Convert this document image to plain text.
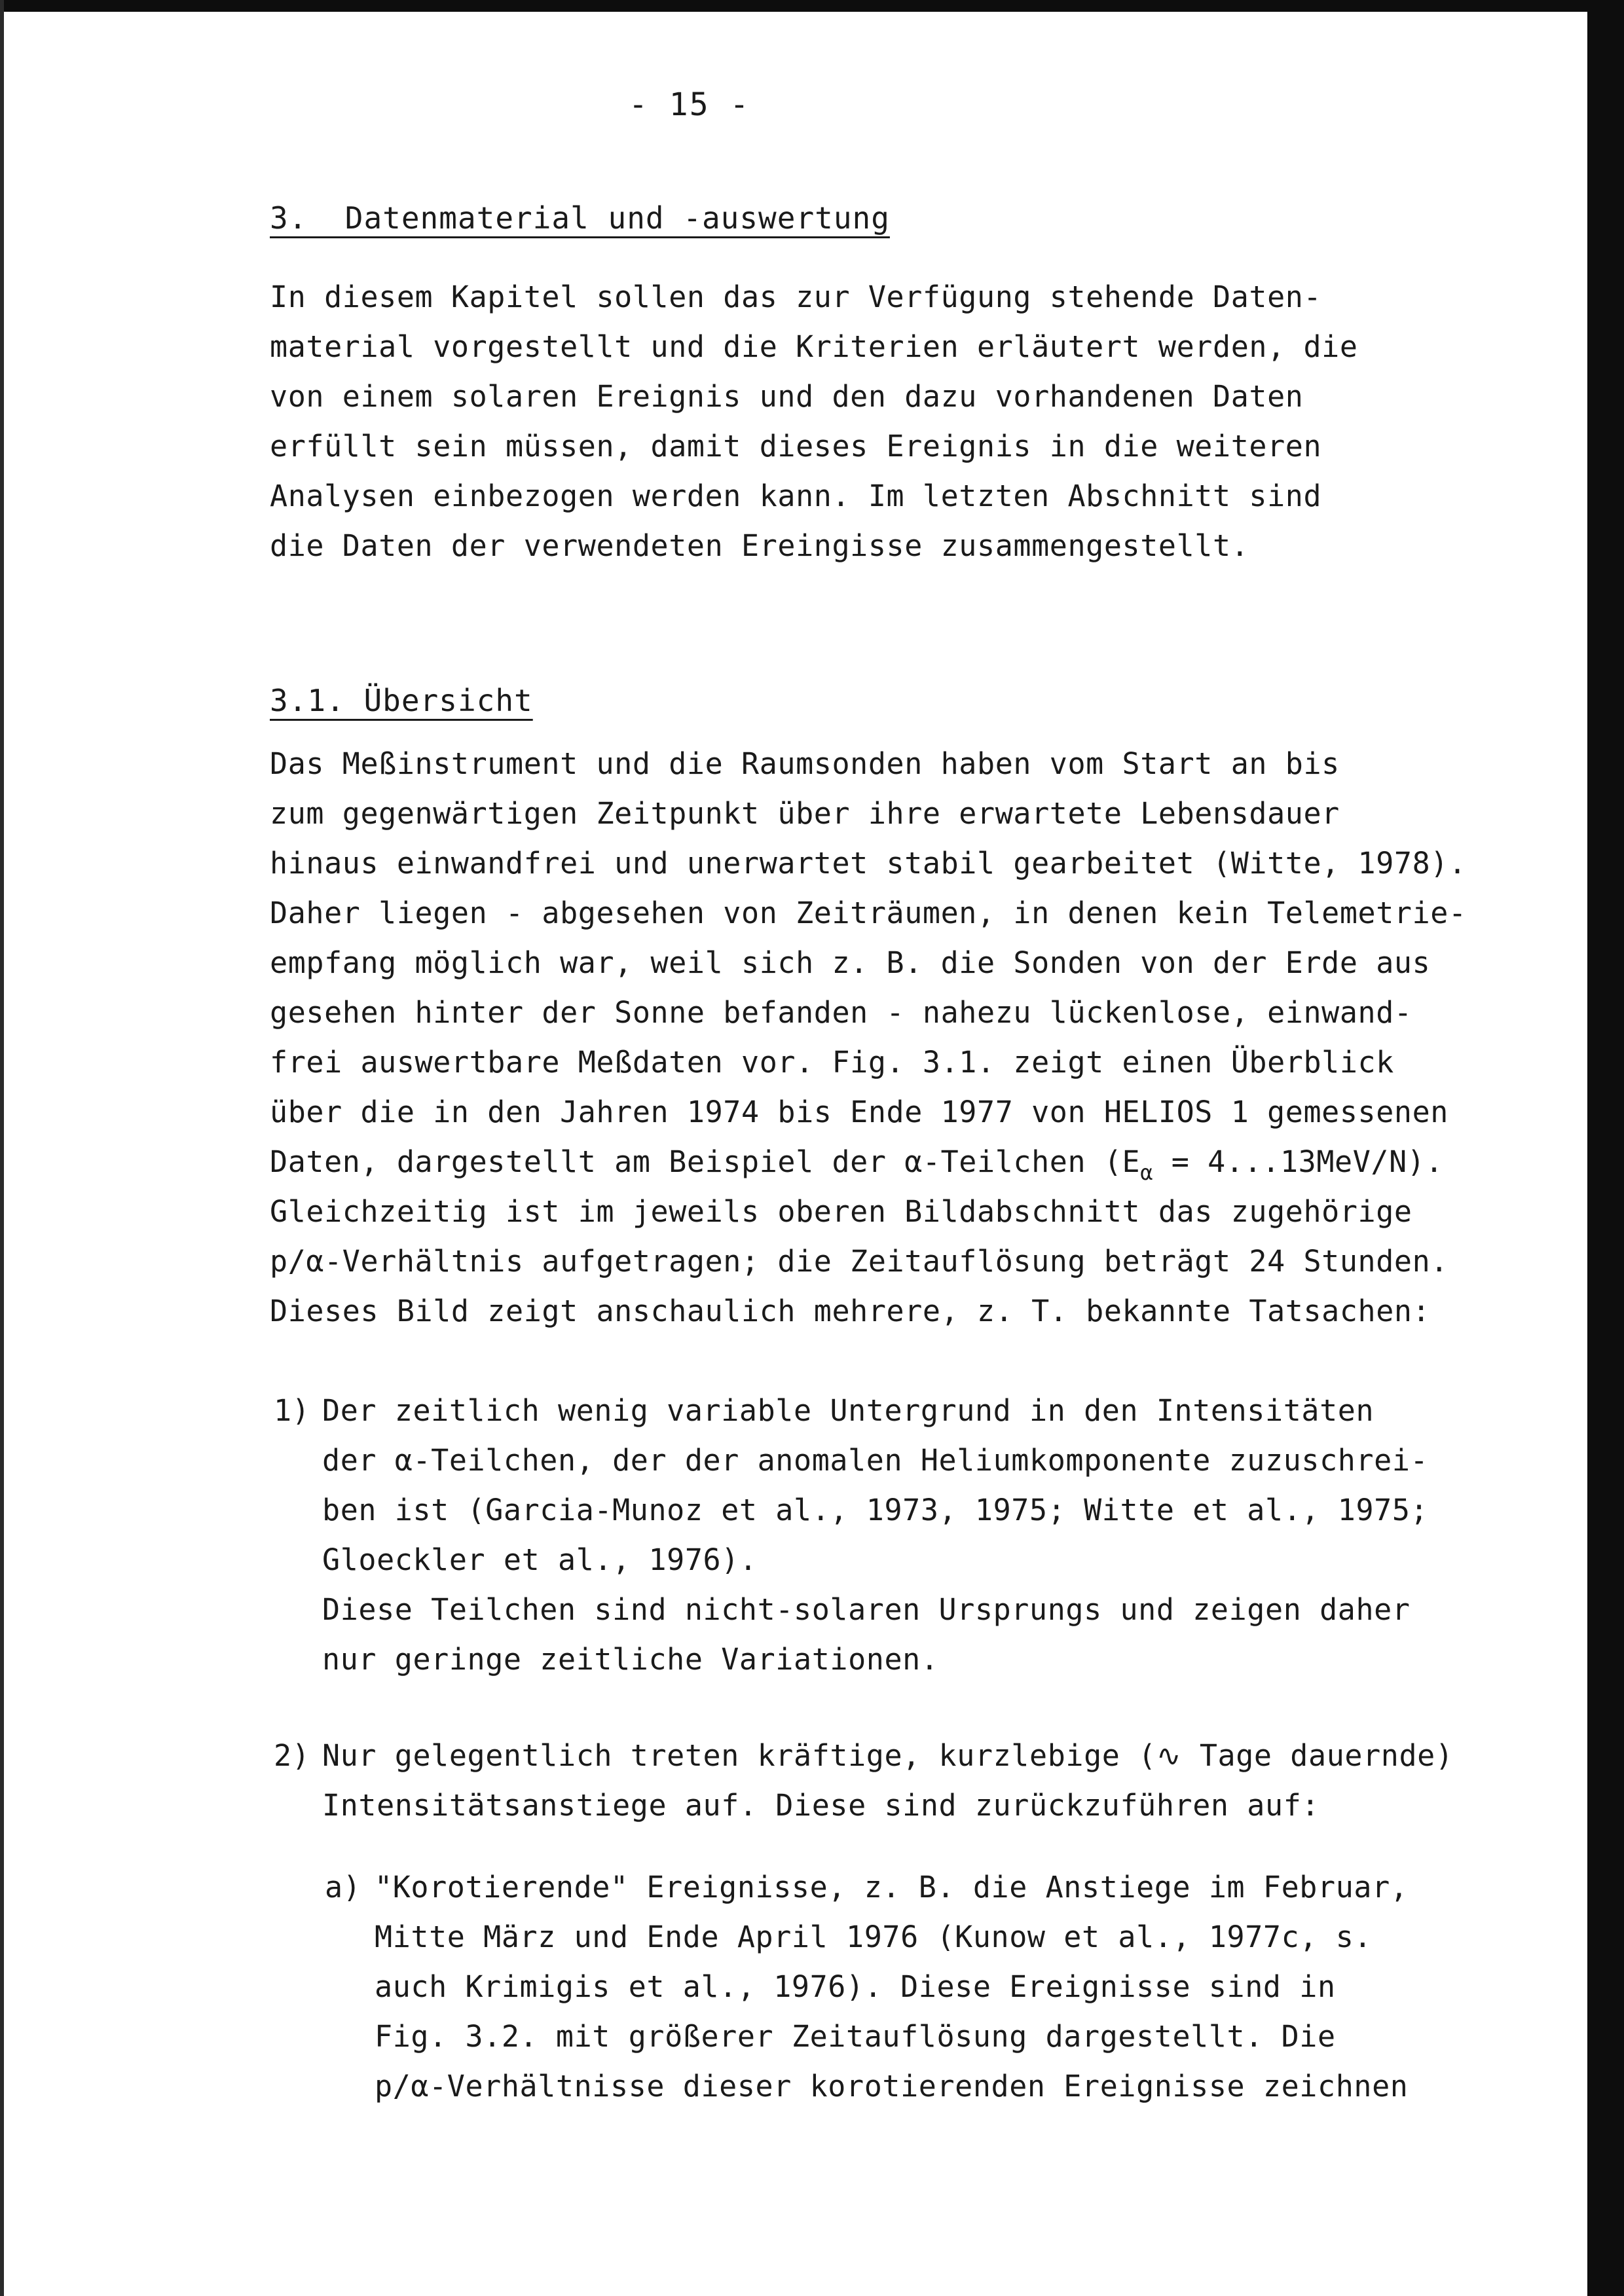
- 15 -
3.  Datenmaterial und -auswertung
In diesem Kapitel sollen das zur Verfügung stehende Daten-
material vorgestellt und die Kriterien erläutert werden, die
von einem solaren Ereignis und den dazu vorhandenen Daten
erfüllt sein müssen, damit dieses Ereignis in die weiteren
Analysen einbezogen werden kann. Im letzten Abschnitt sind
die Daten der verwendeten Ereingisse zusammengestellt.
3.1. Übersicht
Das Meßinstrument und die Raumsonden haben vom Start an bis
zum gegenwärtigen Zeitpunkt über ihre erwartete Lebensdauer
hinaus einwandfrei und unerwartet stabil gearbeitet (Witte, 1978).
Daher liegen - abgesehen von Zeiträumen, in denen kein Telemetrie-
empfang möglich war, weil sich z. B. die Sonden von der Erde aus
gesehen hinter der Sonne befanden - nahezu lückenlose, einwand-
frei auswertbare Meßdaten vor. Fig. 3.1. zeigt einen Überblick
über die in den Jahren 1974 bis Ende 1977 von HELIOS 1 gemessenen
Daten, dargestellt am Beispiel der α-Teilchen $(E_\alpha = 4...13MeV/N)$.
Gleichzeitig ist im jeweils oberen Bildabschnitt das zugehörige
p/α-Verhältnis aufgetragen; die Zeitauflösung beträgt 24 Stunden.
Dieses Bild zeigt anschaulich mehrere, z. T. bekannte Tatsachen:
1) Der zeitlich wenig variable Untergrund in den Intensitäten
der α-Teilchen, der der anomalen Heliumkomponente zuzuschrei-
ben ist (Garcia-Munoz et al., 1973, 1975; Witte et al., 1975;
Gloeckler et al., 1976).
Diese Teilchen sind nicht-solaren Ursprungs und zeigen daher
nur geringe zeitliche Variationen.
2) Nur gelegentlich treten kräftige, kurzlebige (∿ Tage dauernde)
Intensitätsanstiege auf. Diese sind zurückzuführen auf:
a) "Korotierende" Ereignisse, z. B. die Anstiege im Februar,
Mitte März und Ende April 1976 (Kunow et al., 1977c, s.
auch Krimigis et al., 1976). Diese Ereignisse sind in
Fig. 3.2. mit größerer Zeitauflösung dargestellt. Die
p/α-Verhältnisse dieser korotierenden Ereignisse zeichnen
